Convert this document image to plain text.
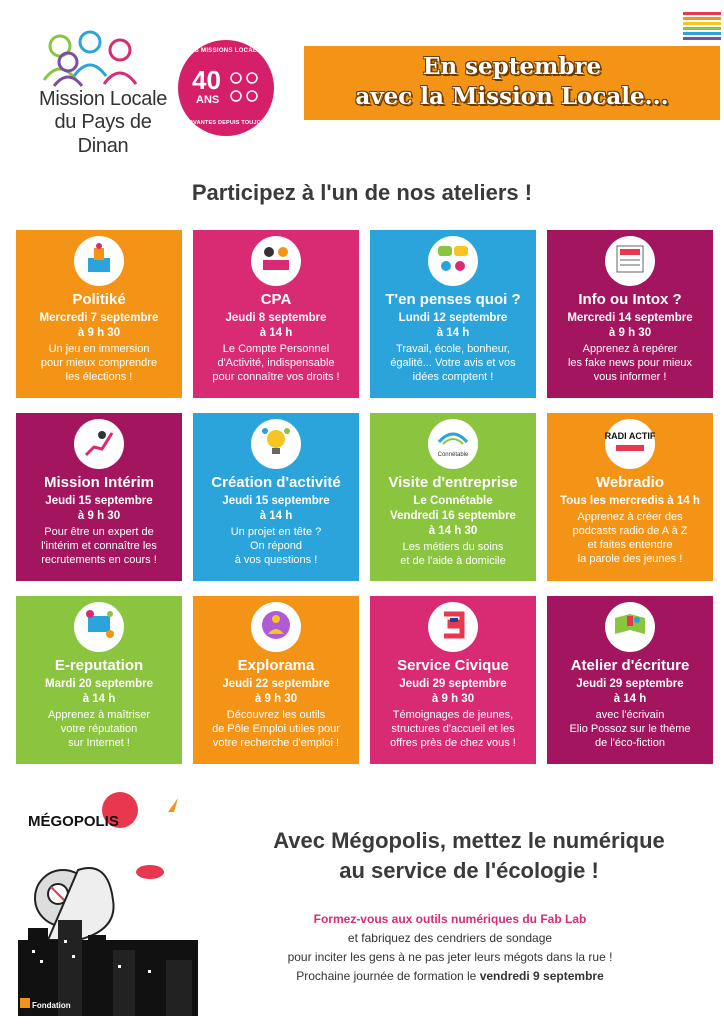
Mission Locale
du Pays de Dinan
LES MISSIONS LOCALES
40
ANS
INNOVANTES DEPUIS TOUJOURS
En septembre
avec la Mission Locale...
Participez à l'un de nos ateliers !
Politiké
Mercredi 7 septembre
à 9 h 30
Un jeu en immersion
pour mieux comprendre
les élections !
CPA
Jeudi 8 septembre
à 14 h
Le Compte Personnel
d'Activité, indispensable
pour connaître vos droits !
T'en penses quoi ?
Lundi 12 septembre
à 14 h
Travail, école, bonheur,
égalité... Votre avis et vos
idées comptent !
Info ou Intox ?
Mercredi 14 septembre
à 9 h 30
Apprenez à repérer
les fake news pour mieux
vous informer !
Mission Intérim
Jeudi 15 septembre
à 9 h 30
Pour être un expert de
l'intérim et connaître les
recrutements en cours !
Création d'activité
Jeudi 15 septembre
à 14 h
Un projet en tête ?
On répond
à vos questions !
Connétable
Visite d'entreprise
Le Connétable
Vendredi 16 septembre
à 14 h 30
Les métiers du soins
et de l'aide à domicile
RADI ACTIF
Webradio
Tous les mercredis à 14 h
Apprenez à créer des
podcasts radio de A à Z
et faites entendre
la parole des jeunes !
E-reputation
Mardi 20 septembre
à 14 h
Apprenez à maîtriser
votre réputation
sur Internet !
Explorama
Jeudi 22 septembre
à 9 h 30
Découvrez les outils
de Pôle Emploi utiles pour
votre recherche d'emploi !
Service Civique
Jeudi 29 septembre
à 9 h 30
Témoignages de jeunes,
structures d'accueil et les
offres près de chez vous !
Atelier d'écriture
Jeudi 29 septembre
à 14 h
avec l'écrivain
Elio Possoz sur le thème
de l'éco-fiction
MÉGOPOLIS
Fondation
Avec Mégopolis, mettez le numérique
au service de l'écologie !
Formez-vous aux outils numériques du Fab Lab
et fabriquez des cendriers de sondage
pour inciter les gens à ne pas jeter leurs mégots dans la rue !
Prochaine journée de formation le vendredi 9 septembre
